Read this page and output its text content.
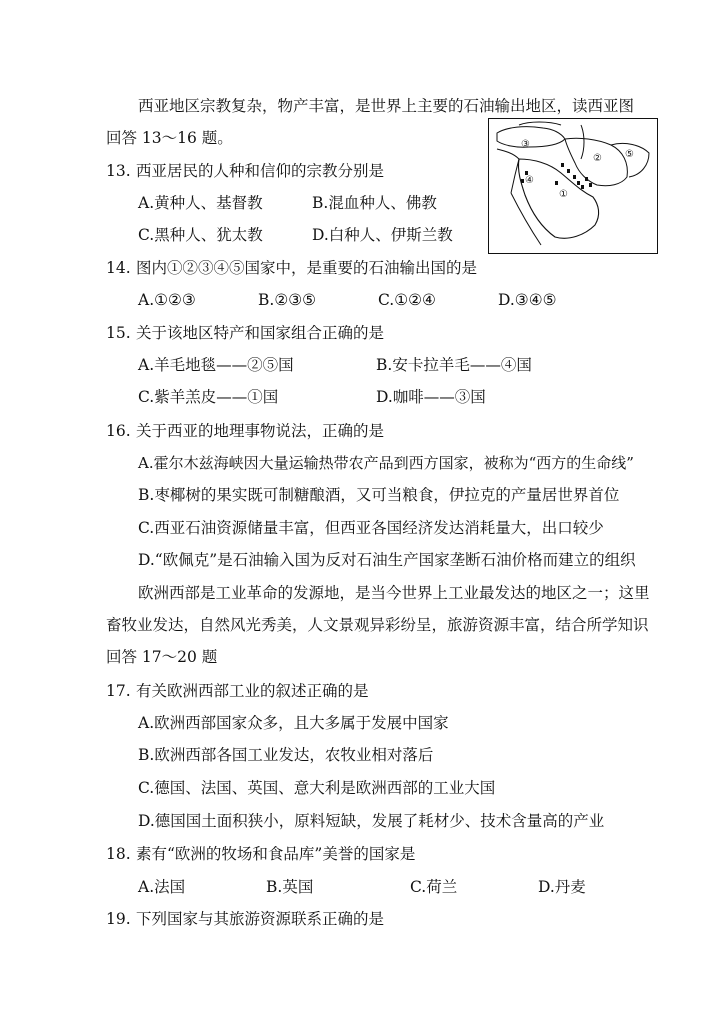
西亚地区宗教复杂，物产丰富，是世界上主要的石油输出地区，读西亚图
回答 13～16 题。	③
② ⑤
①
④
13. 西亚居民的人种和信仰的宗教分别是
A.黄种人、基督教	B.混血种人、佛教
C.黑种人、犹太教	D.白种人、伊斯兰教
14. 图内①②③④⑤国家中，是重要的石油输出国的是
A.①②③	B.②③⑤	C.①②④	D.③④⑤
15. 关于该地区特产和国家组合正确的是
A.羊毛地毯——②⑤国	B.安卡拉羊毛——④国
C.紫羊羔皮——①国	D.咖啡——③国
16. 关于西亚的地理事物说法，正确的是
A.霍尔木兹海峡因大量运输热带农产品到西方国家，被称为“西方的生命线”
B.枣椰树的果实既可制糖酿酒，又可当粮食，伊拉克的产量居世界首位
C.西亚石油资源储量丰富，但西亚各国经济发达消耗量大，出口较少
D.“欧佩克”是石油输入国为反对石油生产国家垄断石油价格而建立的组织
欧洲西部是工业革命的发源地，是当今世界上工业最发达的地区之一；这里
畜牧业发达，自然风光秀美，人文景观异彩纷呈，旅游资源丰富，结合所学知识
回答 17～20 题
17. 有关欧洲西部工业的叙述正确的是
A.欧洲西部国家众多，且大多属于发展中国家
B.欧洲西部各国工业发达，农牧业相对落后
C.德国、法国、英国、意大利是欧洲西部的工业大国
D.德国国土面积狭小，原料短缺，发展了耗材少、技术含量高的产业
18. 素有“欧洲的牧场和食品库”美誉的国家是
A.法国	B.英国	C.荷兰	D.丹麦
19. 下列国家与其旅游资源联系正确的是
